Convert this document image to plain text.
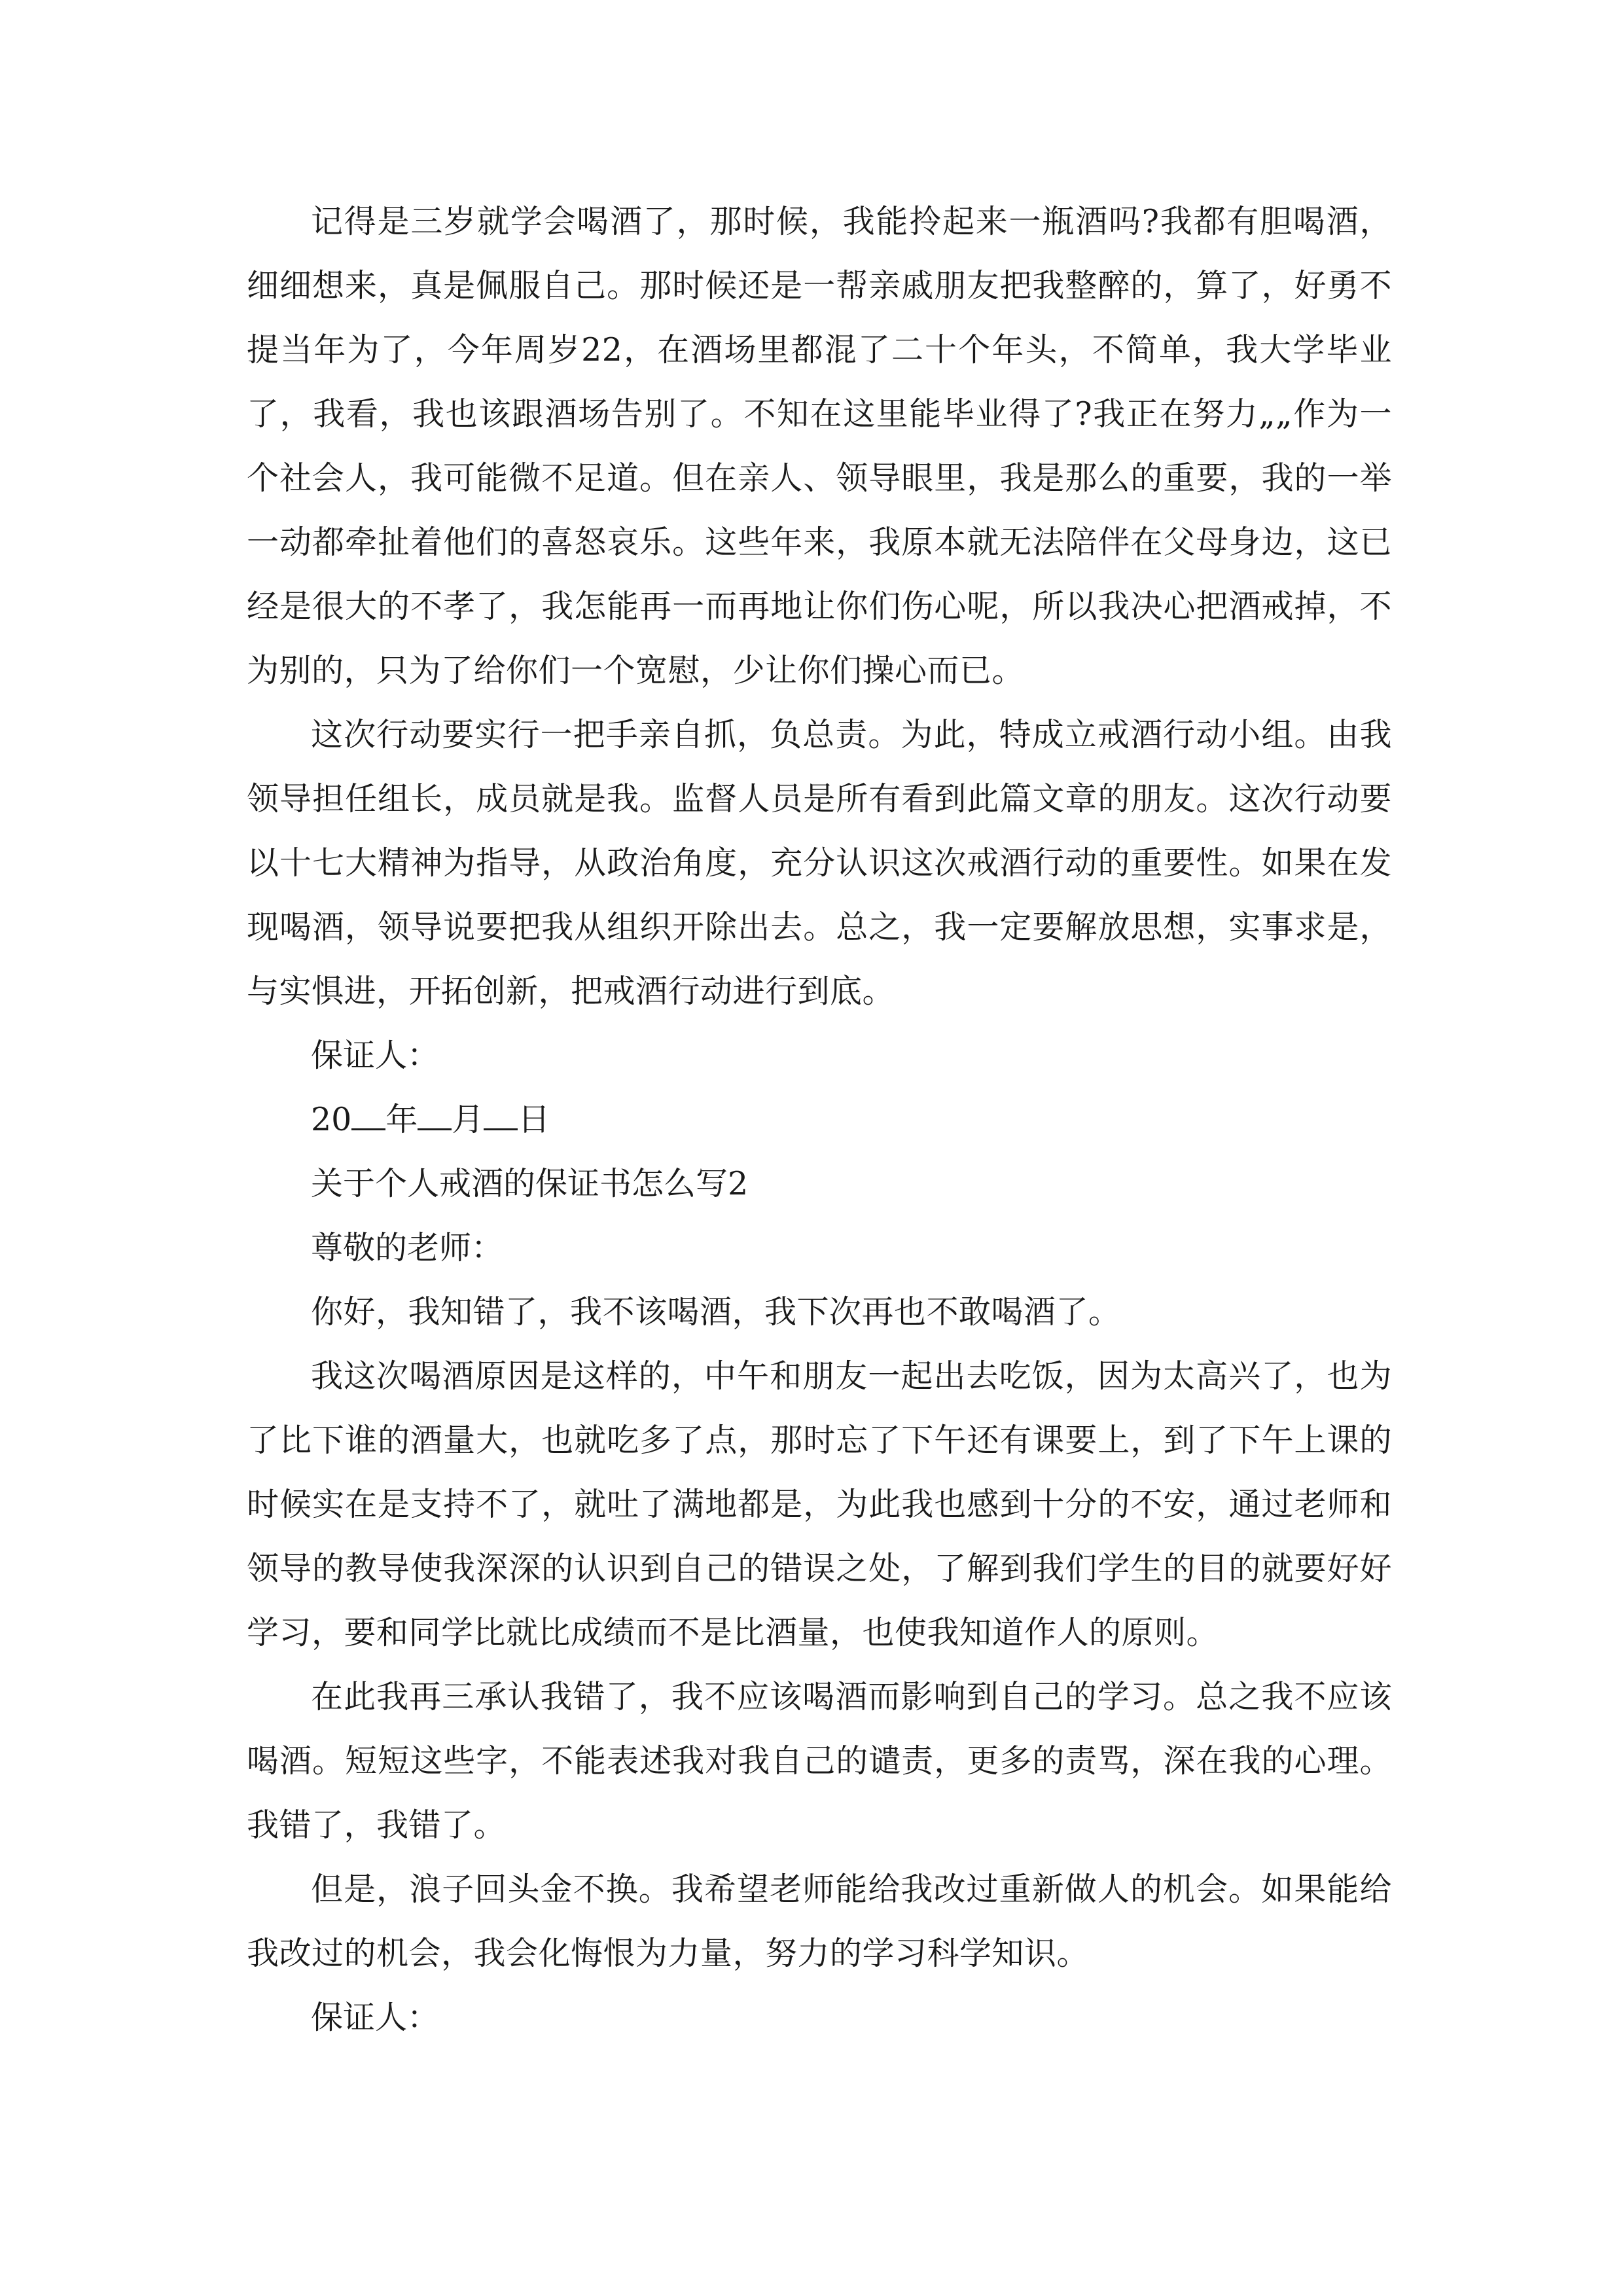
记得是三岁就学会喝酒了，那时候，我能拎起来一瓶酒吗?我都有胆喝酒，细细想来，真是佩服自己。那时候还是一帮亲戚朋友把我整醉的，算了，好勇不提当年为了，今年周岁22，在酒场里都混了二十个年头，不简单，我大学毕业了，我看，我也该跟酒场告别了。不知在这里能毕业得了?我正在努力„„作为一个社会人，我可能微不足道。但在亲人、领导眼里，我是那么的重要，我的一举一动都牵扯着他们的喜怒哀乐。这些年来，我原本就无法陪伴在父母身边，这已经是很大的不孝了，我怎能再一而再地让你们伤心呢，所以我决心把酒戒掉，不为别的，只为了给你们一个宽慰，少让你们操心而已。

这次行动要实行一把手亲自抓，负总责。为此，特成立戒酒行动小组。由我领导担任组长，成员就是我。监督人员是所有看到此篇文章的朋友。这次行动要以十七大精神为指导，从政治角度，充分认识这次戒酒行动的重要性。如果在发现喝酒，领导说要把我从组织开除出去。总之，我一定要解放思想，实事求是，与实惧进，开拓创新，把戒酒行动进行到底。

保证人：

20 年 月 日

关于个人戒酒的保证书怎么写2

尊敬的老师：

你好，我知错了，我不该喝酒，我下次再也不敢喝酒了。

我这次喝酒原因是这样的，中午和朋友一起出去吃饭，因为太高兴了，也为了比下谁的酒量大，也就吃多了点，那时忘了下午还有课要上，到了下午上课的时候实在是支持不了，就吐了满地都是，为此我也感到十分的不安，通过老师和领导的教导使我深深的认识到自己的错误之处，了解到我们学生的目的就要好好学习，要和同学比就比成绩而不是比酒量，也使我知道作人的原则。

在此我再三承认我错了，我不应该喝酒而影响到自己的学习。总之我不应该喝酒。短短这些字，不能表述我对我自己的谴责，更多的责骂，深在我的心理。我错了，我错了。

但是，浪子回头金不换。我希望老师能给我改过重新做人的机会。如果能给我改过的机会，我会化悔恨为力量，努力的学习科学知识。

保证人：
